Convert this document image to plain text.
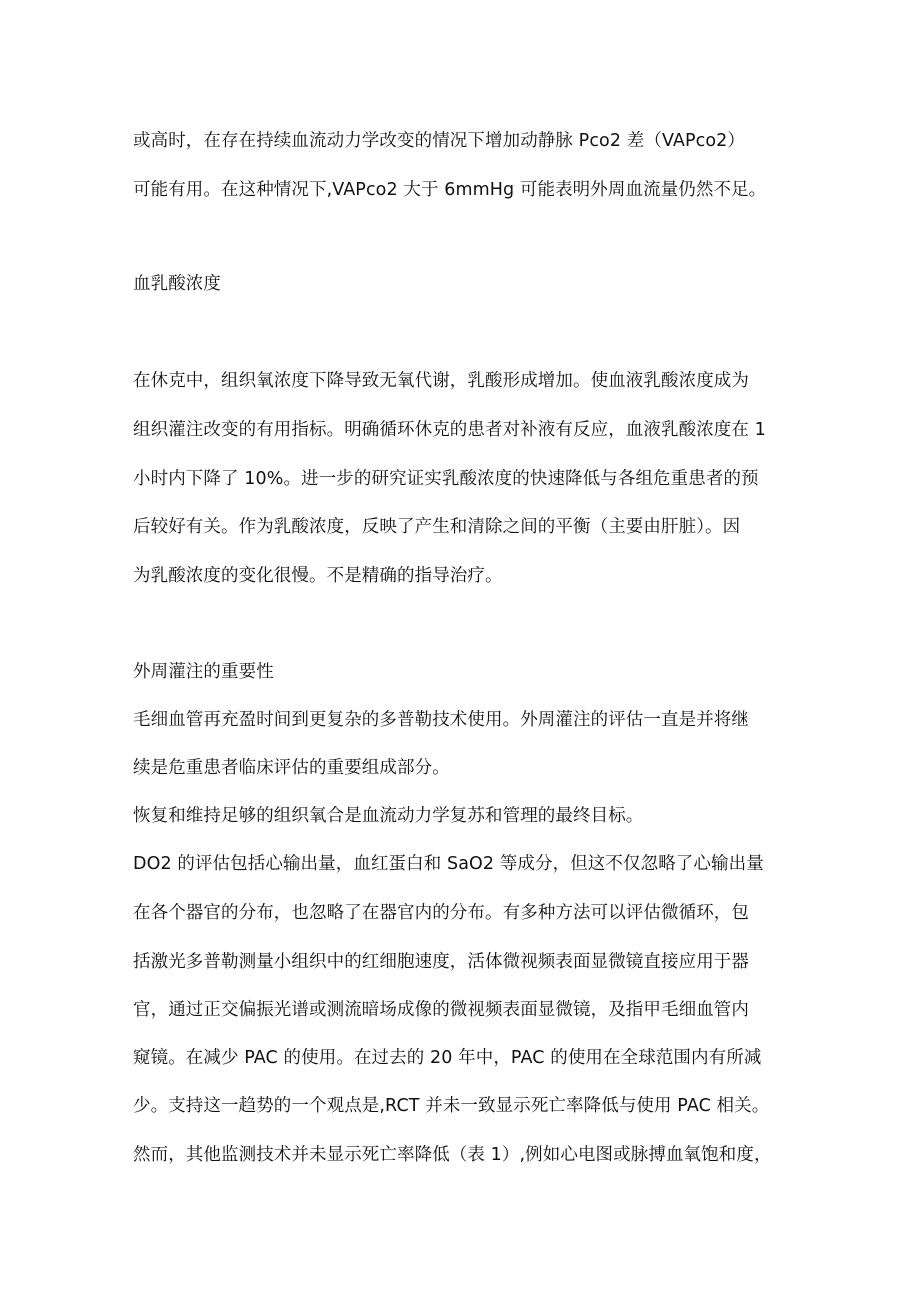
或高时，在存在持续血流动力学改变的情况下增加动静脉 Pco2 差（VAPco2）
可能有用。在这种情况下,VAPco2 大于 6mmHg 可能表明外周血流量仍然不足。
血乳酸浓度
在休克中，组织氧浓度下降导致无氧代谢，乳酸形成增加。使血液乳酸浓度成为
组织灌注改变的有用指标。明确循环休克的患者对补液有反应，血液乳酸浓度在 1
小时内下降了 10%。进一步的研究证实乳酸浓度的快速降低与各组危重患者的预
后较好有关。作为乳酸浓度，反映了产生和清除之间的平衡（主要由肝脏）。因
为乳酸浓度的变化很慢。不是精确的指导治疗。
外周灌注的重要性
毛细血管再充盈时间到更复杂的多普勒技术使用。外周灌注的评估一直是并将继
续是危重患者临床评估的重要组成部分。
恢复和维持足够的组织氧合是血流动力学复苏和管理的最终目标。
DO2 的评估包括心输出量，血红蛋白和 SaO2 等成分，但这不仅忽略了心输出量
在各个器官的分布，也忽略了在器官内的分布。有多种方法可以评估微循环，包
括激光多普勒测量小组织中的红细胞速度，活体微视频表面显微镜直接应用于器
官，通过正交偏振光谱或测流暗场成像的微视频表面显微镜，及指甲毛细血管内
窥镜。在减少 PAC 的使用。在过去的 20 年中，PAC 的使用在全球范围内有所减
少。支持这一趋势的一个观点是,RCT 并未一致显示死亡率降低与使用 PAC 相关。
然而，其他监测技术并未显示死亡率降低（表 1）,例如心电图或脉搏血氧饱和度，
